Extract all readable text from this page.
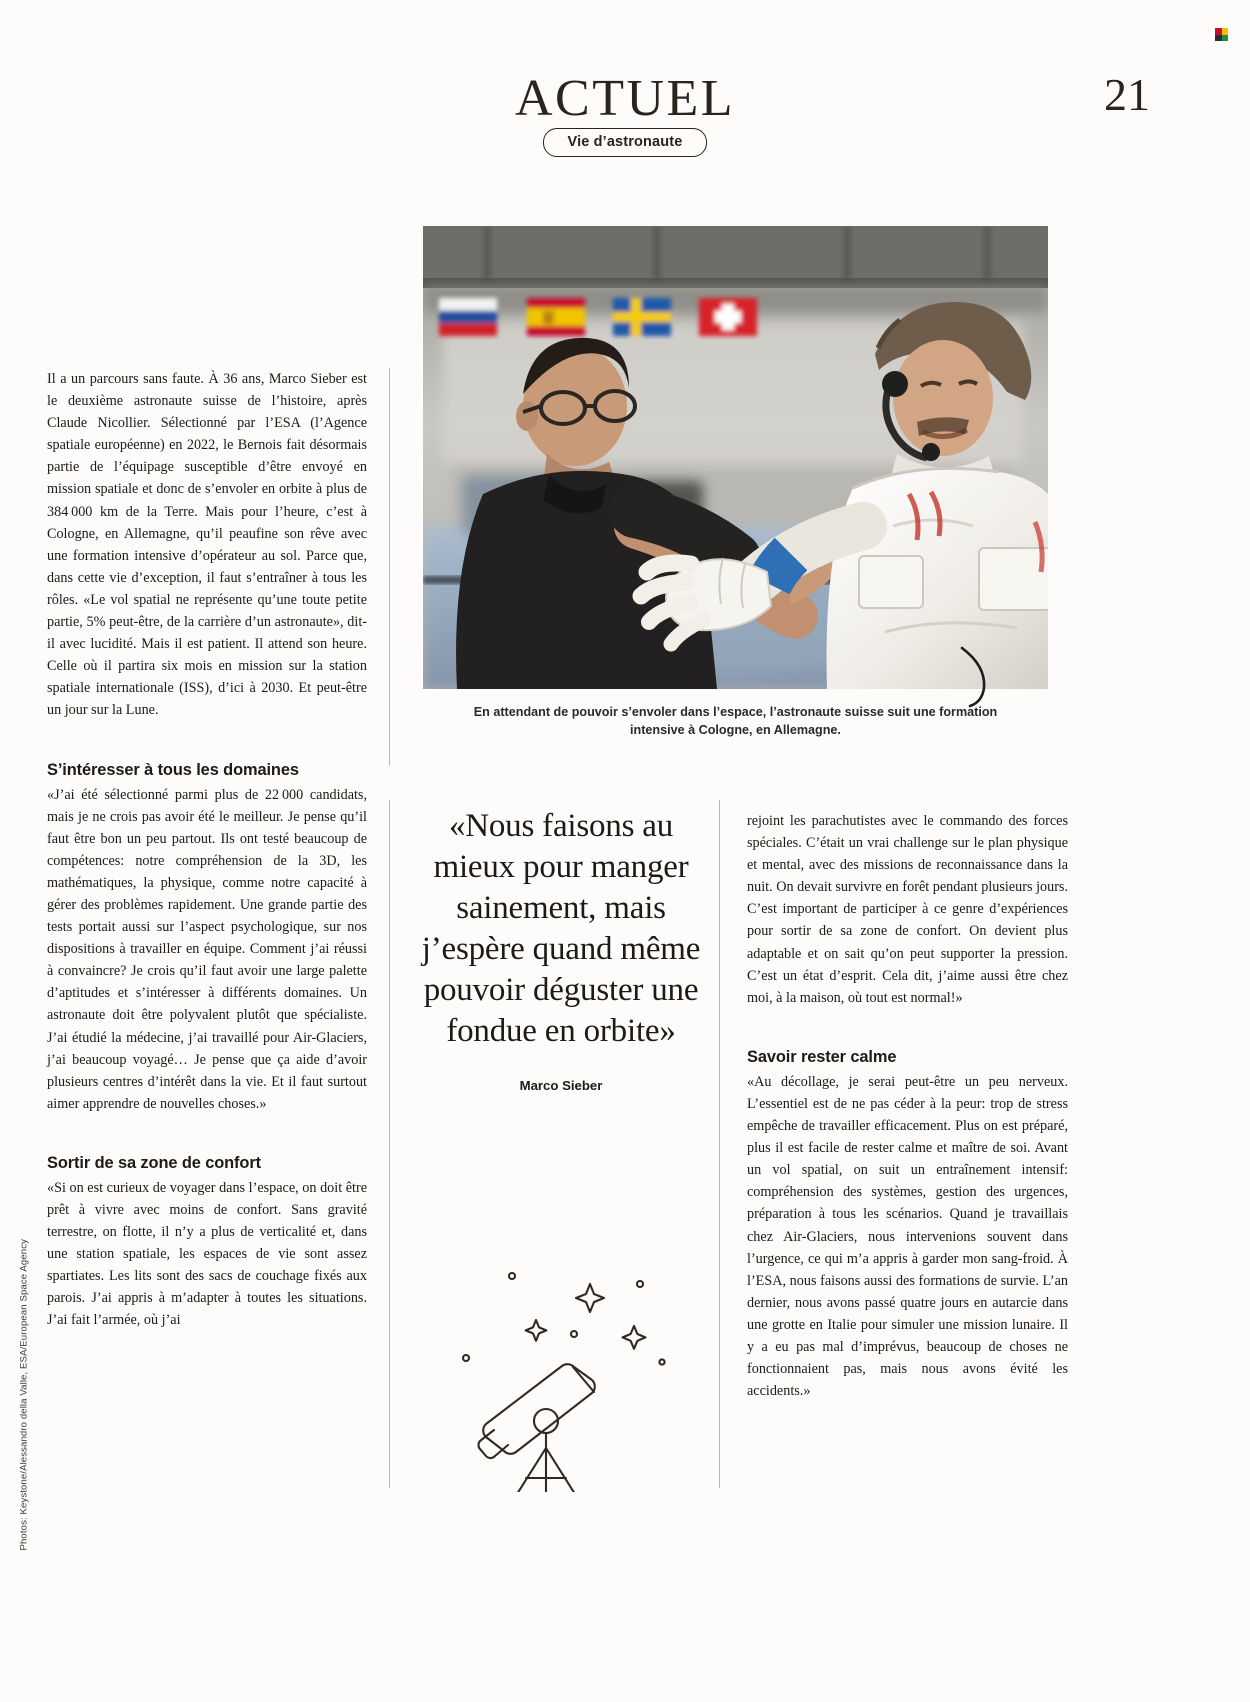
ACTUEL
Vie d’astronaute
21
En attendant de pouvoir s’envoler dans l’espace, l’astronaute suisse suit une formation intensive à Cologne, en Allemagne.

Il a un parcours sans faute. À 36 ans, Marco Sieber est le deuxième astronaute suisse de l’histoire, après Claude Nicollier. Sélectionné par l’ESA (l’Agence spatiale européenne) en 2022, le Bernois fait désormais partie de l’équipage susceptible d’être envoyé en mission spatiale et donc de s’envoler en orbite à plus de 384 000 km de la Terre. Mais pour l’heure, c’est à Cologne, en Allemagne, qu’il peaufine son rêve avec une formation intensive d’opérateur au sol. Parce que, dans cette vie d’exception, il faut s’entraîner à tous les rôles. «Le vol spatial ne représente qu’une toute petite partie, 5% peut-être, de la carrière d’un astronaute», dit-il avec lucidité. Mais il est patient. Il attend son heure. Celle où il partira six mois en mission sur la station spatiale internationale (ISS), d’ici à 2030. Et peut-être un jour sur la Lune.

S’intéresser à tous les domaines

«J’ai été sélectionné parmi plus de 22 000 candidats, mais je ne crois pas avoir été le meilleur. Je pense qu’il faut être bon un peu partout. Ils ont testé beaucoup de compétences: notre compréhension de la 3D, les mathématiques, la physique, comme notre capacité à gérer des problèmes rapidement. Une grande partie des tests portait aussi sur l’aspect psychologique, sur nos dispositions à travailler en équipe. Comment j’ai réussi à convaincre? Je crois qu’il faut avoir une large palette d’aptitudes et s’intéresser à différents domaines. Un astronaute doit être polyvalent plutôt que spécialiste. J’ai étudié la médecine, j’ai travaillé pour Air-Glaciers, j’ai beaucoup voyagé… Je pense que ça aide d’avoir plusieurs centres d’intérêt dans la vie. Et il faut surtout aimer apprendre de nouvelles choses.»

Sortir de sa zone de confort

«Si on est curieux de voyager dans l’espace, on doit être prêt à vivre avec moins de confort. Sans gravité terrestre, on flotte, il n’y a plus de verticalité et, dans une station spatiale, les espaces de vie sont assez spartiates. Les lits sont des sacs de couchage fixés aux parois. J’ai appris à m’adapter à toutes les situations. J’ai fait l’armée, où j’ai

«Nous faisons au mieux pour manger sainement, mais j’espère quand même pouvoir déguster une fondue en orbite»
Marco Sieber

rejoint les parachutistes avec le commando des forces spéciales. C’était un vrai challenge sur le plan physique et mental, avec des missions de reconnaissance dans la nuit. On devait survivre en forêt pendant plusieurs jours. C’est important de participer à ce genre d’expériences pour sortir de sa zone de confort. On devient plus adaptable et on sait qu’on peut supporter la pression. C’est un état d’esprit. Cela dit, j’aime aussi être chez moi, à la maison, où tout est normal!»

Savoir rester calme

«Au décollage, je serai peut-être un peu nerveux. L’essentiel est de ne pas céder à la peur: trop de stress empêche de travailler efficacement. Plus on est préparé, plus il est facile de rester calme et maître de soi. Avant un vol spatial, on suit un entraînement intensif: compréhension des systèmes, gestion des urgences, préparation à tous les scénarios. Quand je travaillais chez Air-Glaciers, nous intervenions souvent dans l’urgence, ce qui m’a appris à garder mon sang-froid. À l’ESA, nous faisons aussi des formations de survie. L’an dernier, nous avons passé quatre jours en autarcie dans une grotte en Italie pour simuler une mission lunaire. Il y a eu pas mal d’imprévus, beaucoup de choses ne fonctionnaient pas, mais nous avons évité les accidents.»

Photos: Keystone/Alessandro della Valle, ESA/European Space Agency
